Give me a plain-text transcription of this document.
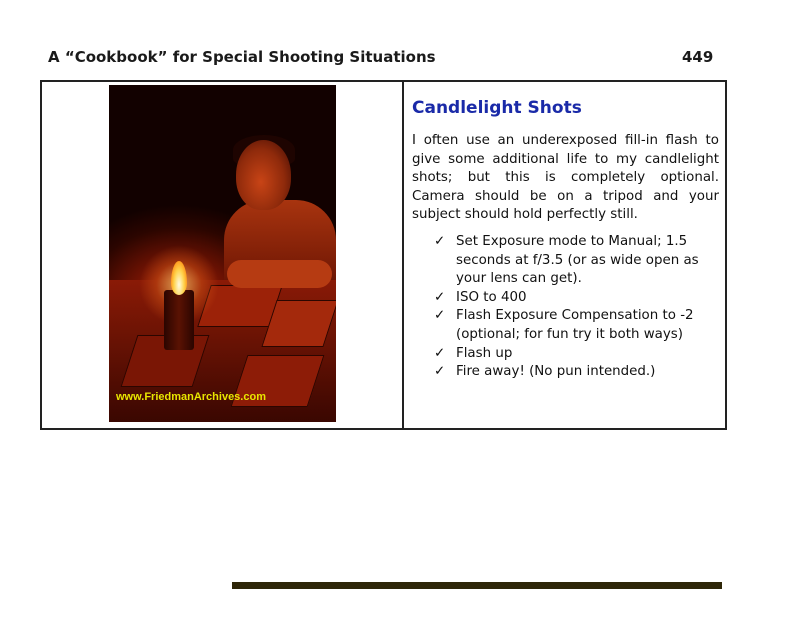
A “Cookbook” for Special Shooting Situations	449
www.FriedmanArchives.com
Candlelight Shots

I often use an underexposed fill-in flash to give some additional life to my candlelight shots; but this is completely optional. Camera should be on a tripod and your subject should hold perfectly still.

✓ Set Exposure mode to Manual; 1.5 seconds at f/3.5 (or as wide open as your lens can get).
✓ ISO to 400
✓ Flash Exposure Compensation to -2 (optional; for fun try it both ways)
✓ Flash up
✓ Fire away! (No pun intended.)
